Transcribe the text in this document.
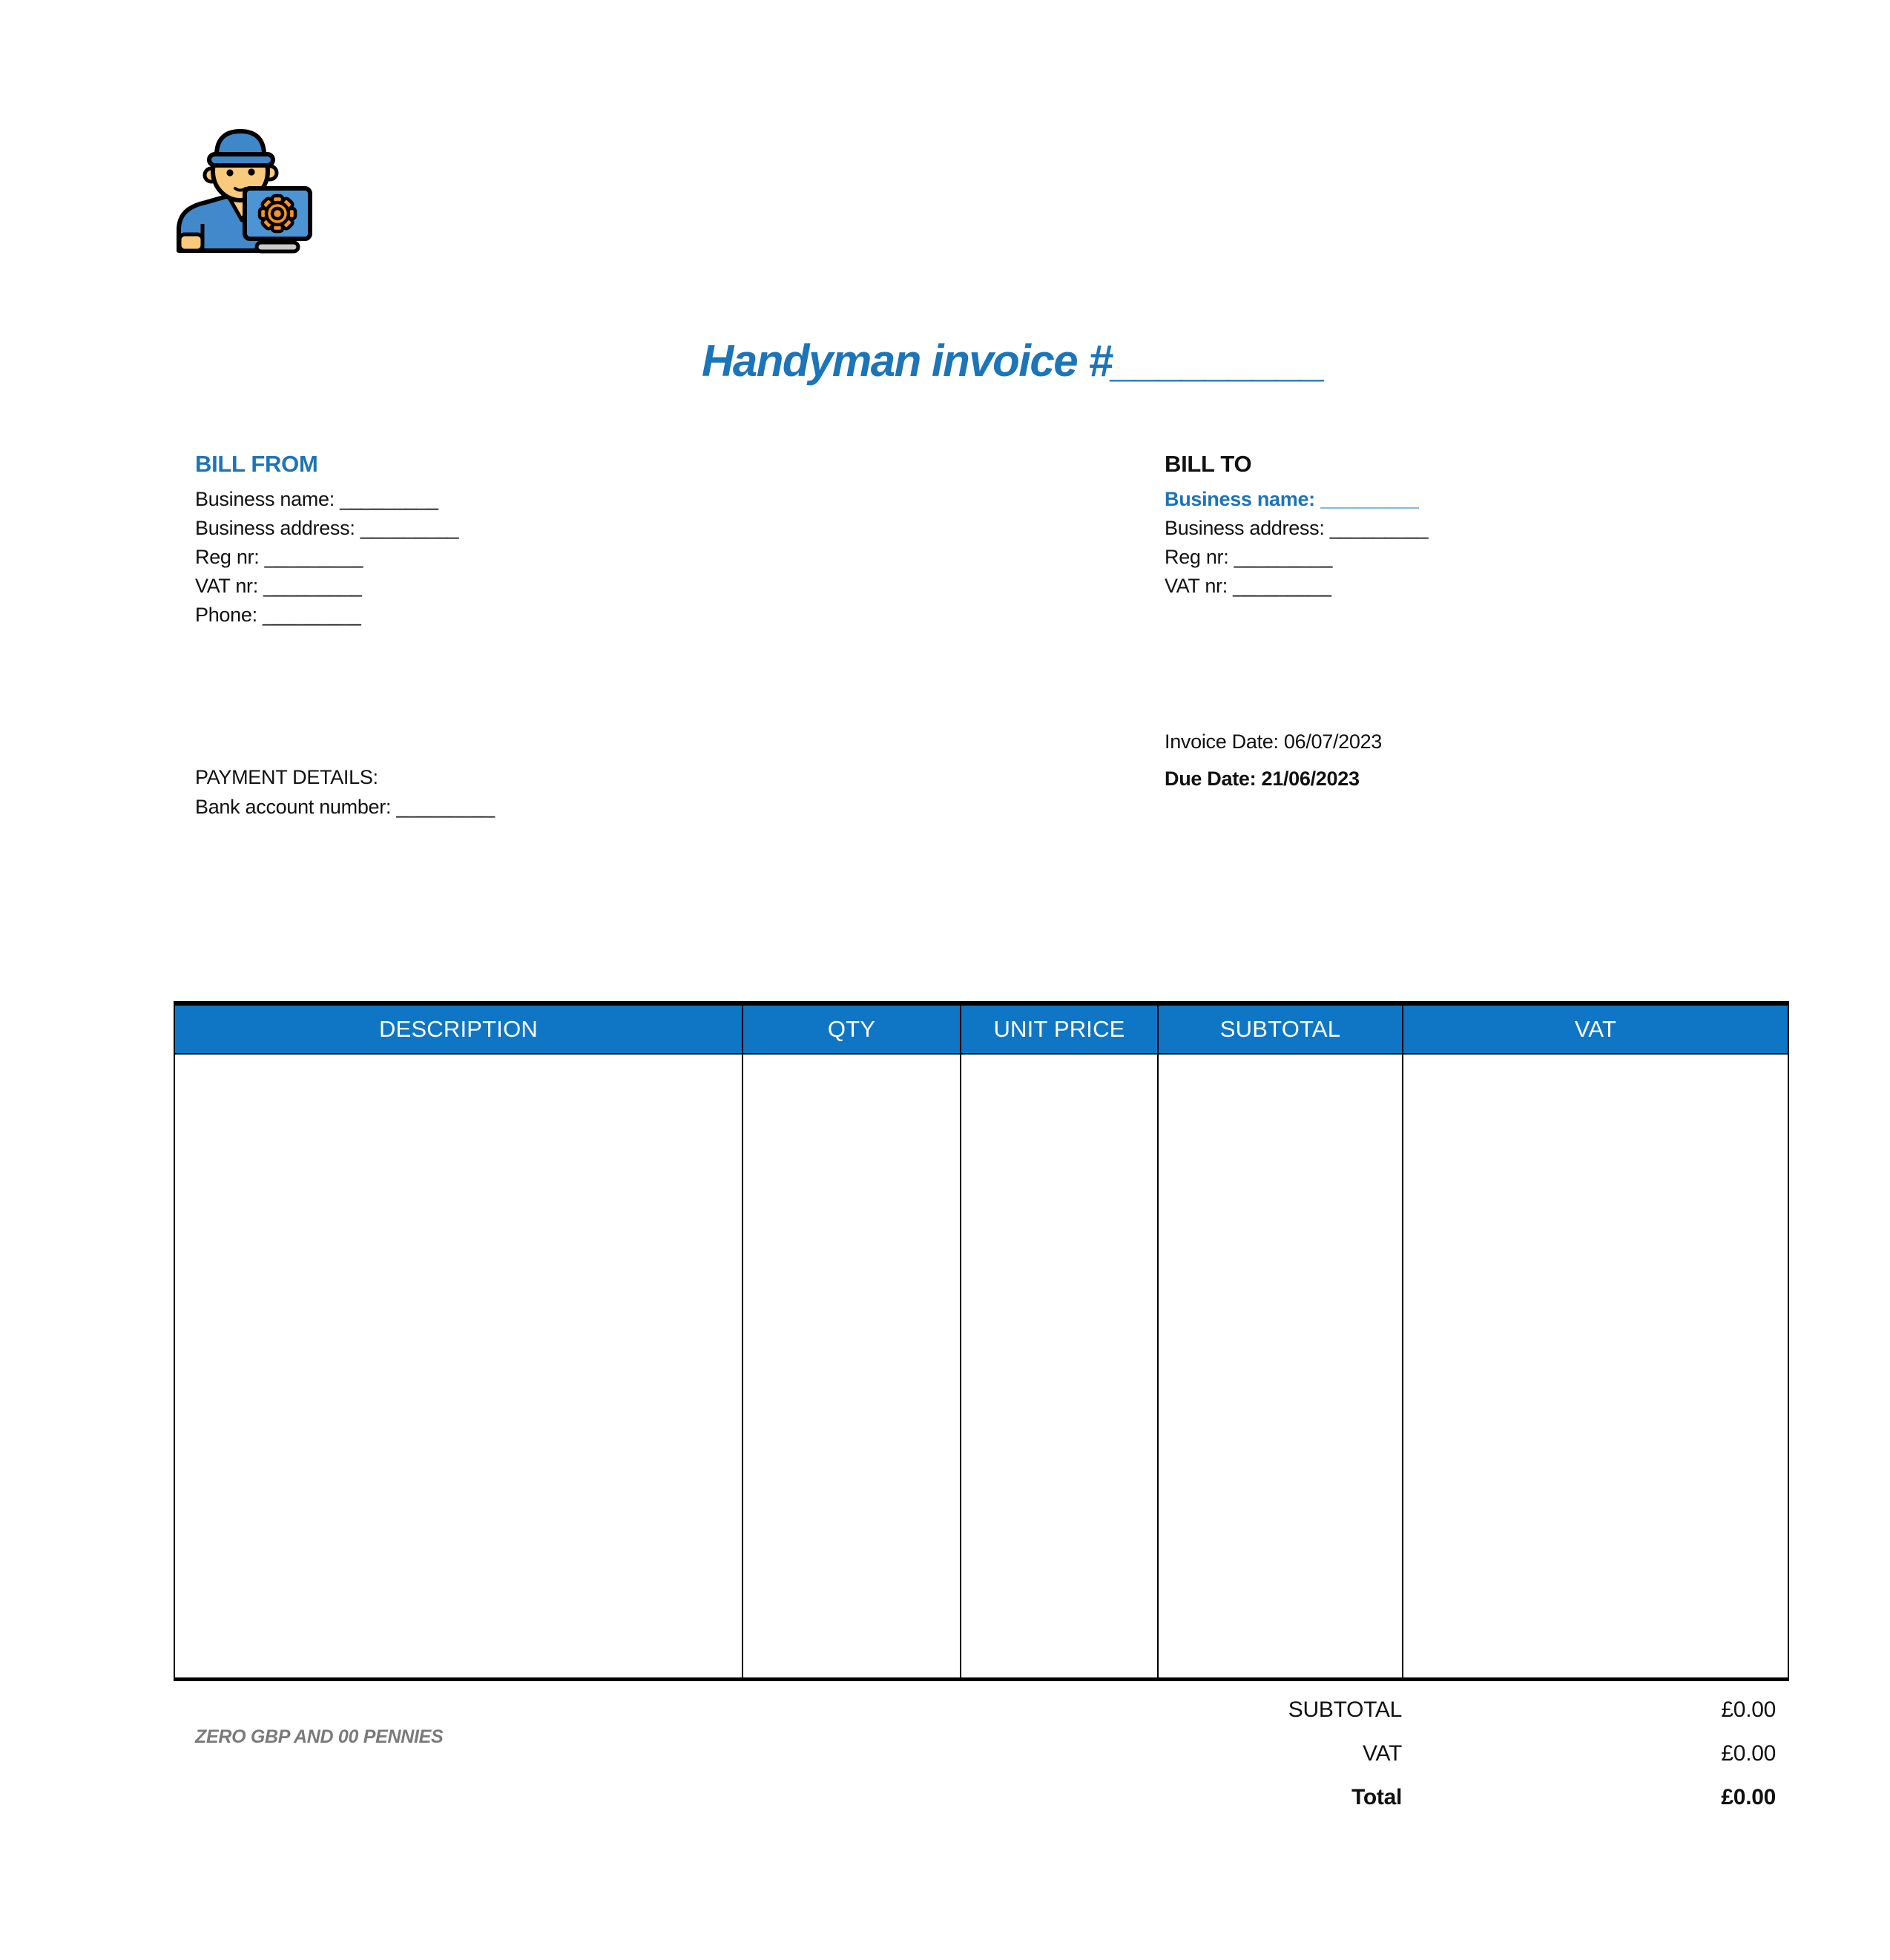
Handyman invoice #_________
BILL FROM
Business name: _________
Business address: _________
Reg nr: _________
VAT nr: _________
Phone: _________
BILL TO
Business name: _________
Business address: _________
Reg nr: _________
VAT nr: _________
Invoice Date: 06/07/2023
Due Date: 21/06/2023
PAYMENT DETAILS:
Bank account number: _________
DESCRIPTION	QTY	UNIT PRICE	SUBTOTAL	VAT

SUBTOTAL	£0.00
VAT	£0.00
Total	£0.00
ZERO GBP AND 00 PENNIES
